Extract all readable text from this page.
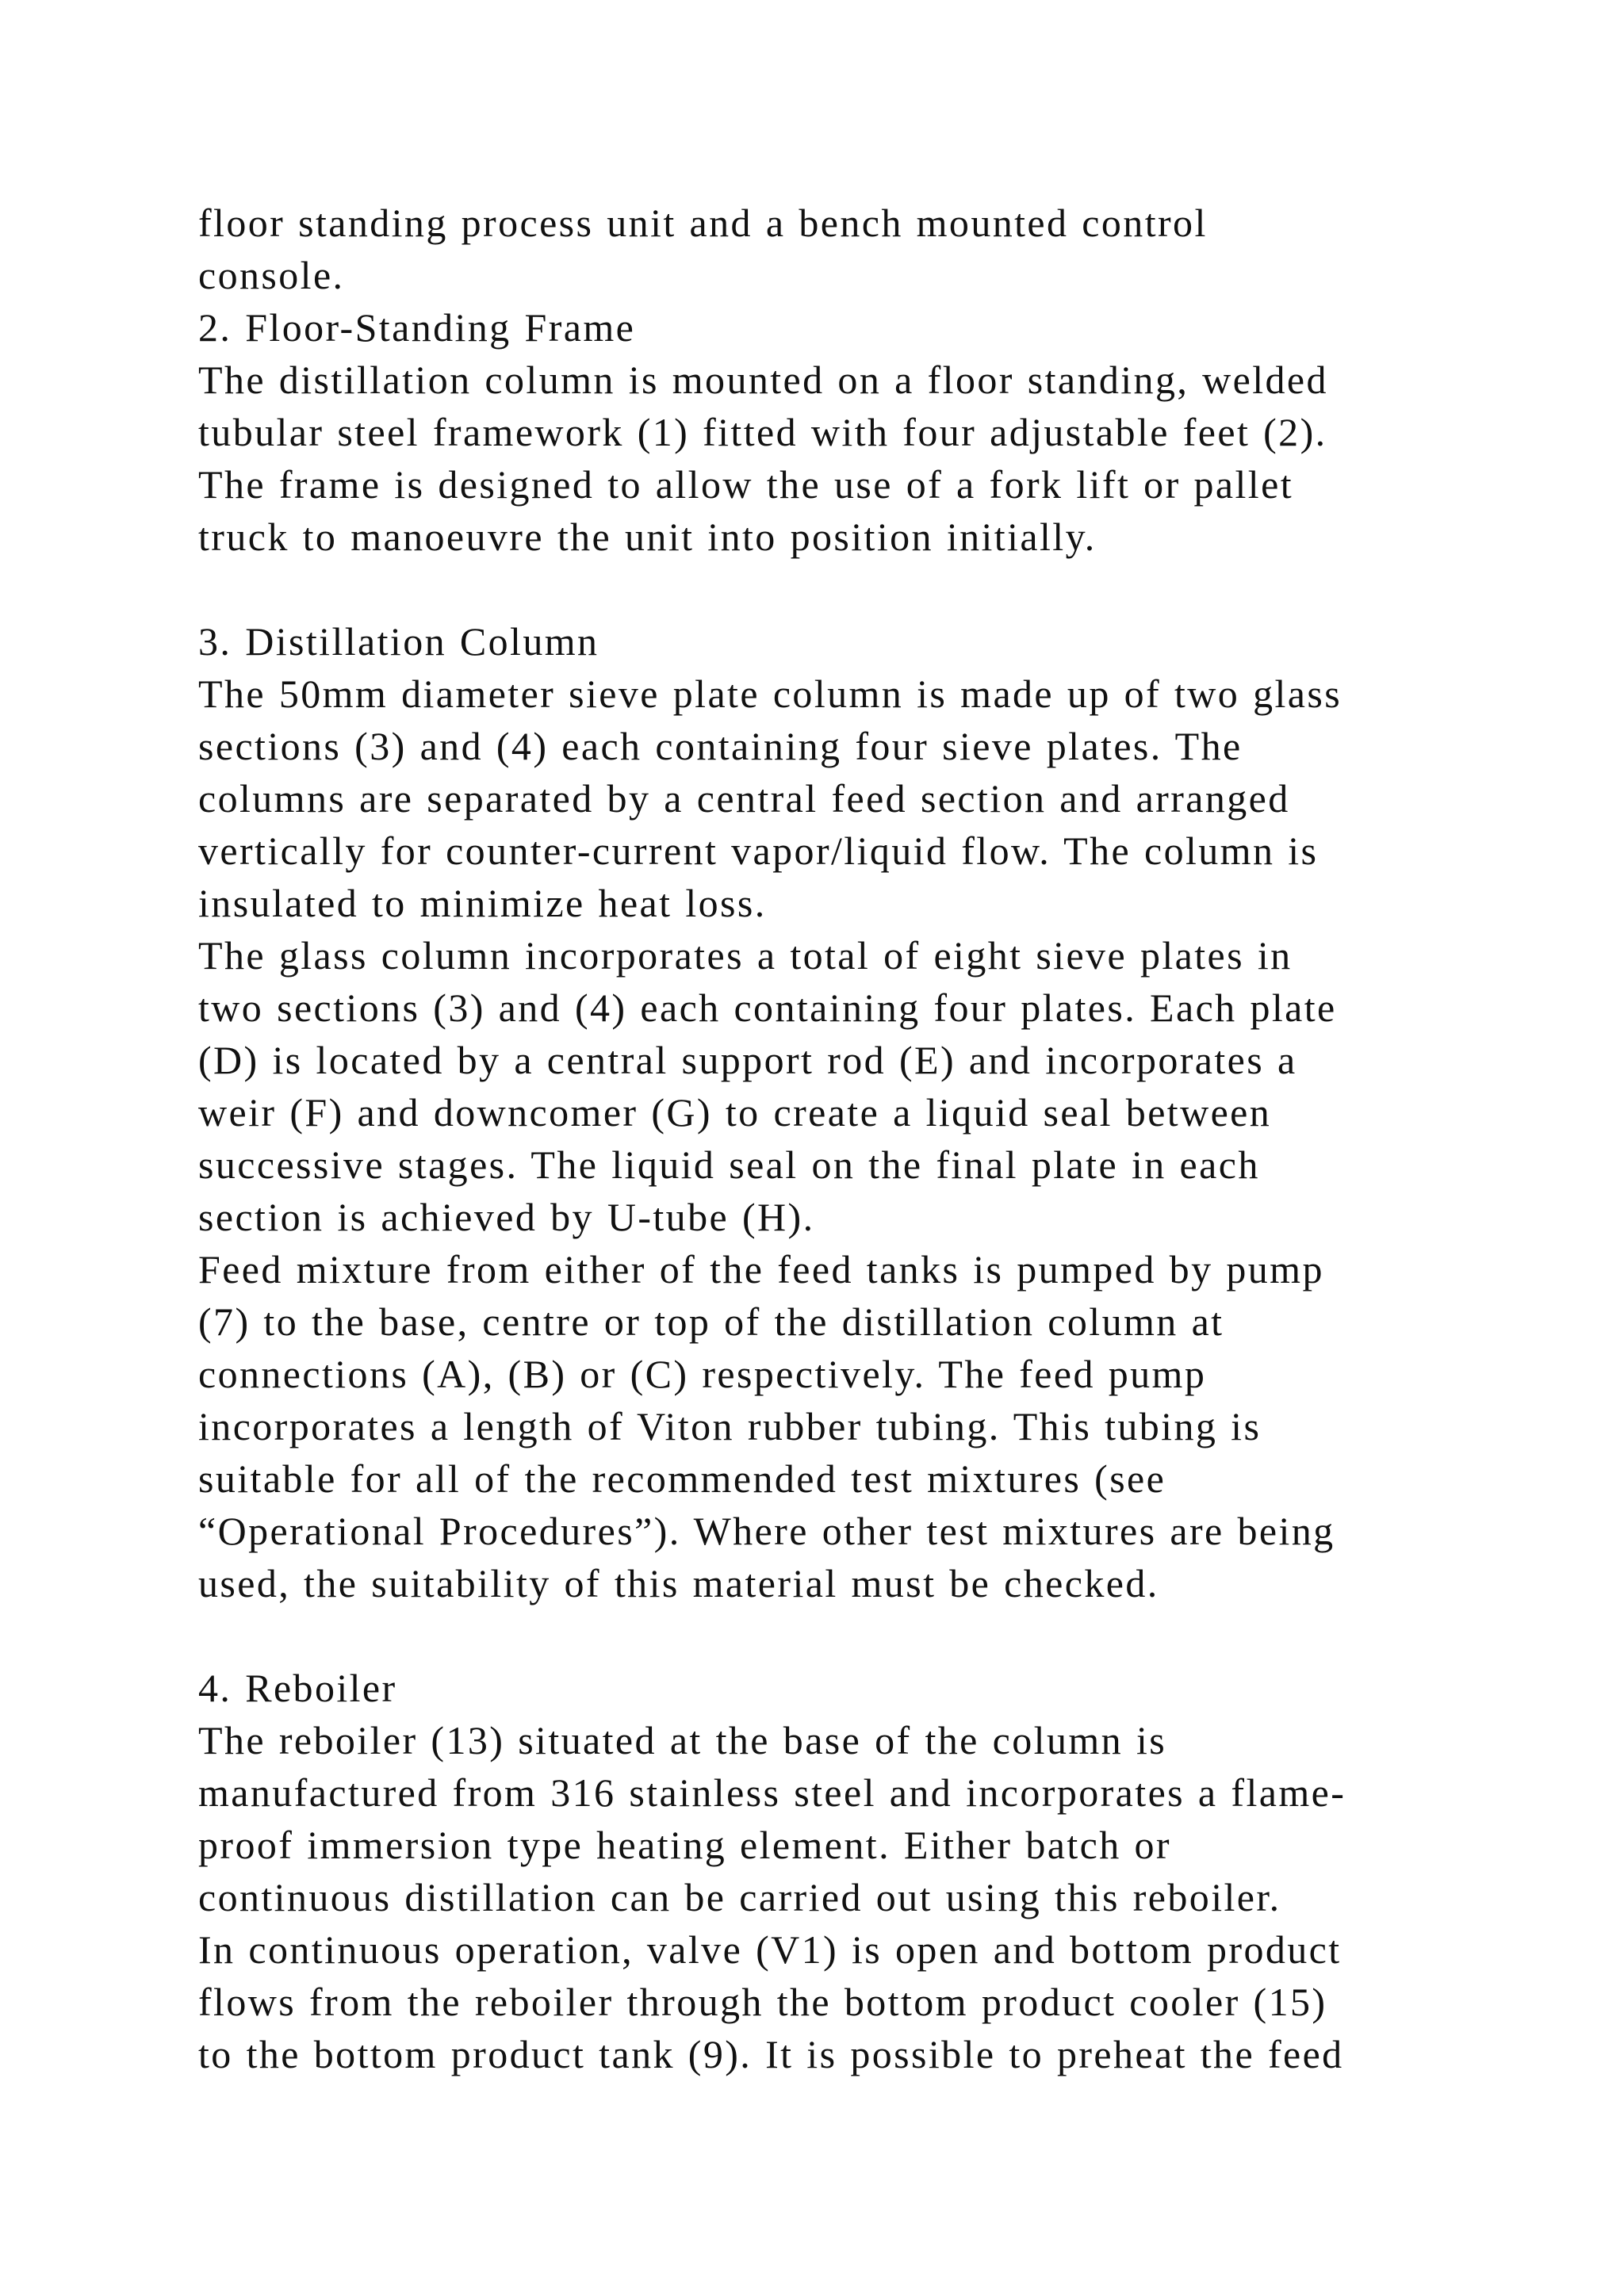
floor standing process unit and a bench mounted control
console.
2. Floor-Standing Frame
The distillation column is mounted on a floor standing, welded
tubular steel framework (1) fitted with four adjustable feet (2).
The frame is designed to allow the use of a fork lift or pallet
truck to manoeuvre the unit into position initially.
3. Distillation Column
The 50mm diameter sieve plate column is made up of two glass
sections (3) and (4) each containing four sieve plates. The
columns are separated by a central feed section and arranged
vertically for counter-current vapor/liquid flow. The column is
insulated to minimize heat loss.
The glass column incorporates a total of eight sieve plates in
two sections (3) and (4) each containing four plates. Each plate
(D) is located by a central support rod (E) and incorporates a
weir (F) and downcomer (G) to create a liquid seal between
successive stages. The liquid seal on the final plate in each
section is achieved by U-tube (H).
Feed mixture from either of the feed tanks is pumped by pump
(7) to the base, centre or top of the distillation column at
connections (A), (B) or (C) respectively. The feed pump
incorporates a length of Viton rubber tubing. This tubing is
suitable for all of the recommended test mixtures (see
“Operational Procedures”). Where other test mixtures are being
used, the suitability of this material must be checked.
4. Reboiler
The reboiler (13) situated at the base of the column is
manufactured from 316 stainless steel and incorporates a flame-
proof immersion type heating element. Either batch or
continuous distillation can be carried out using this reboiler.
In continuous operation, valve (V1) is open and bottom product
flows from the reboiler through the bottom product cooler (15)
to the bottom product tank (9). It is possible to preheat the feed
